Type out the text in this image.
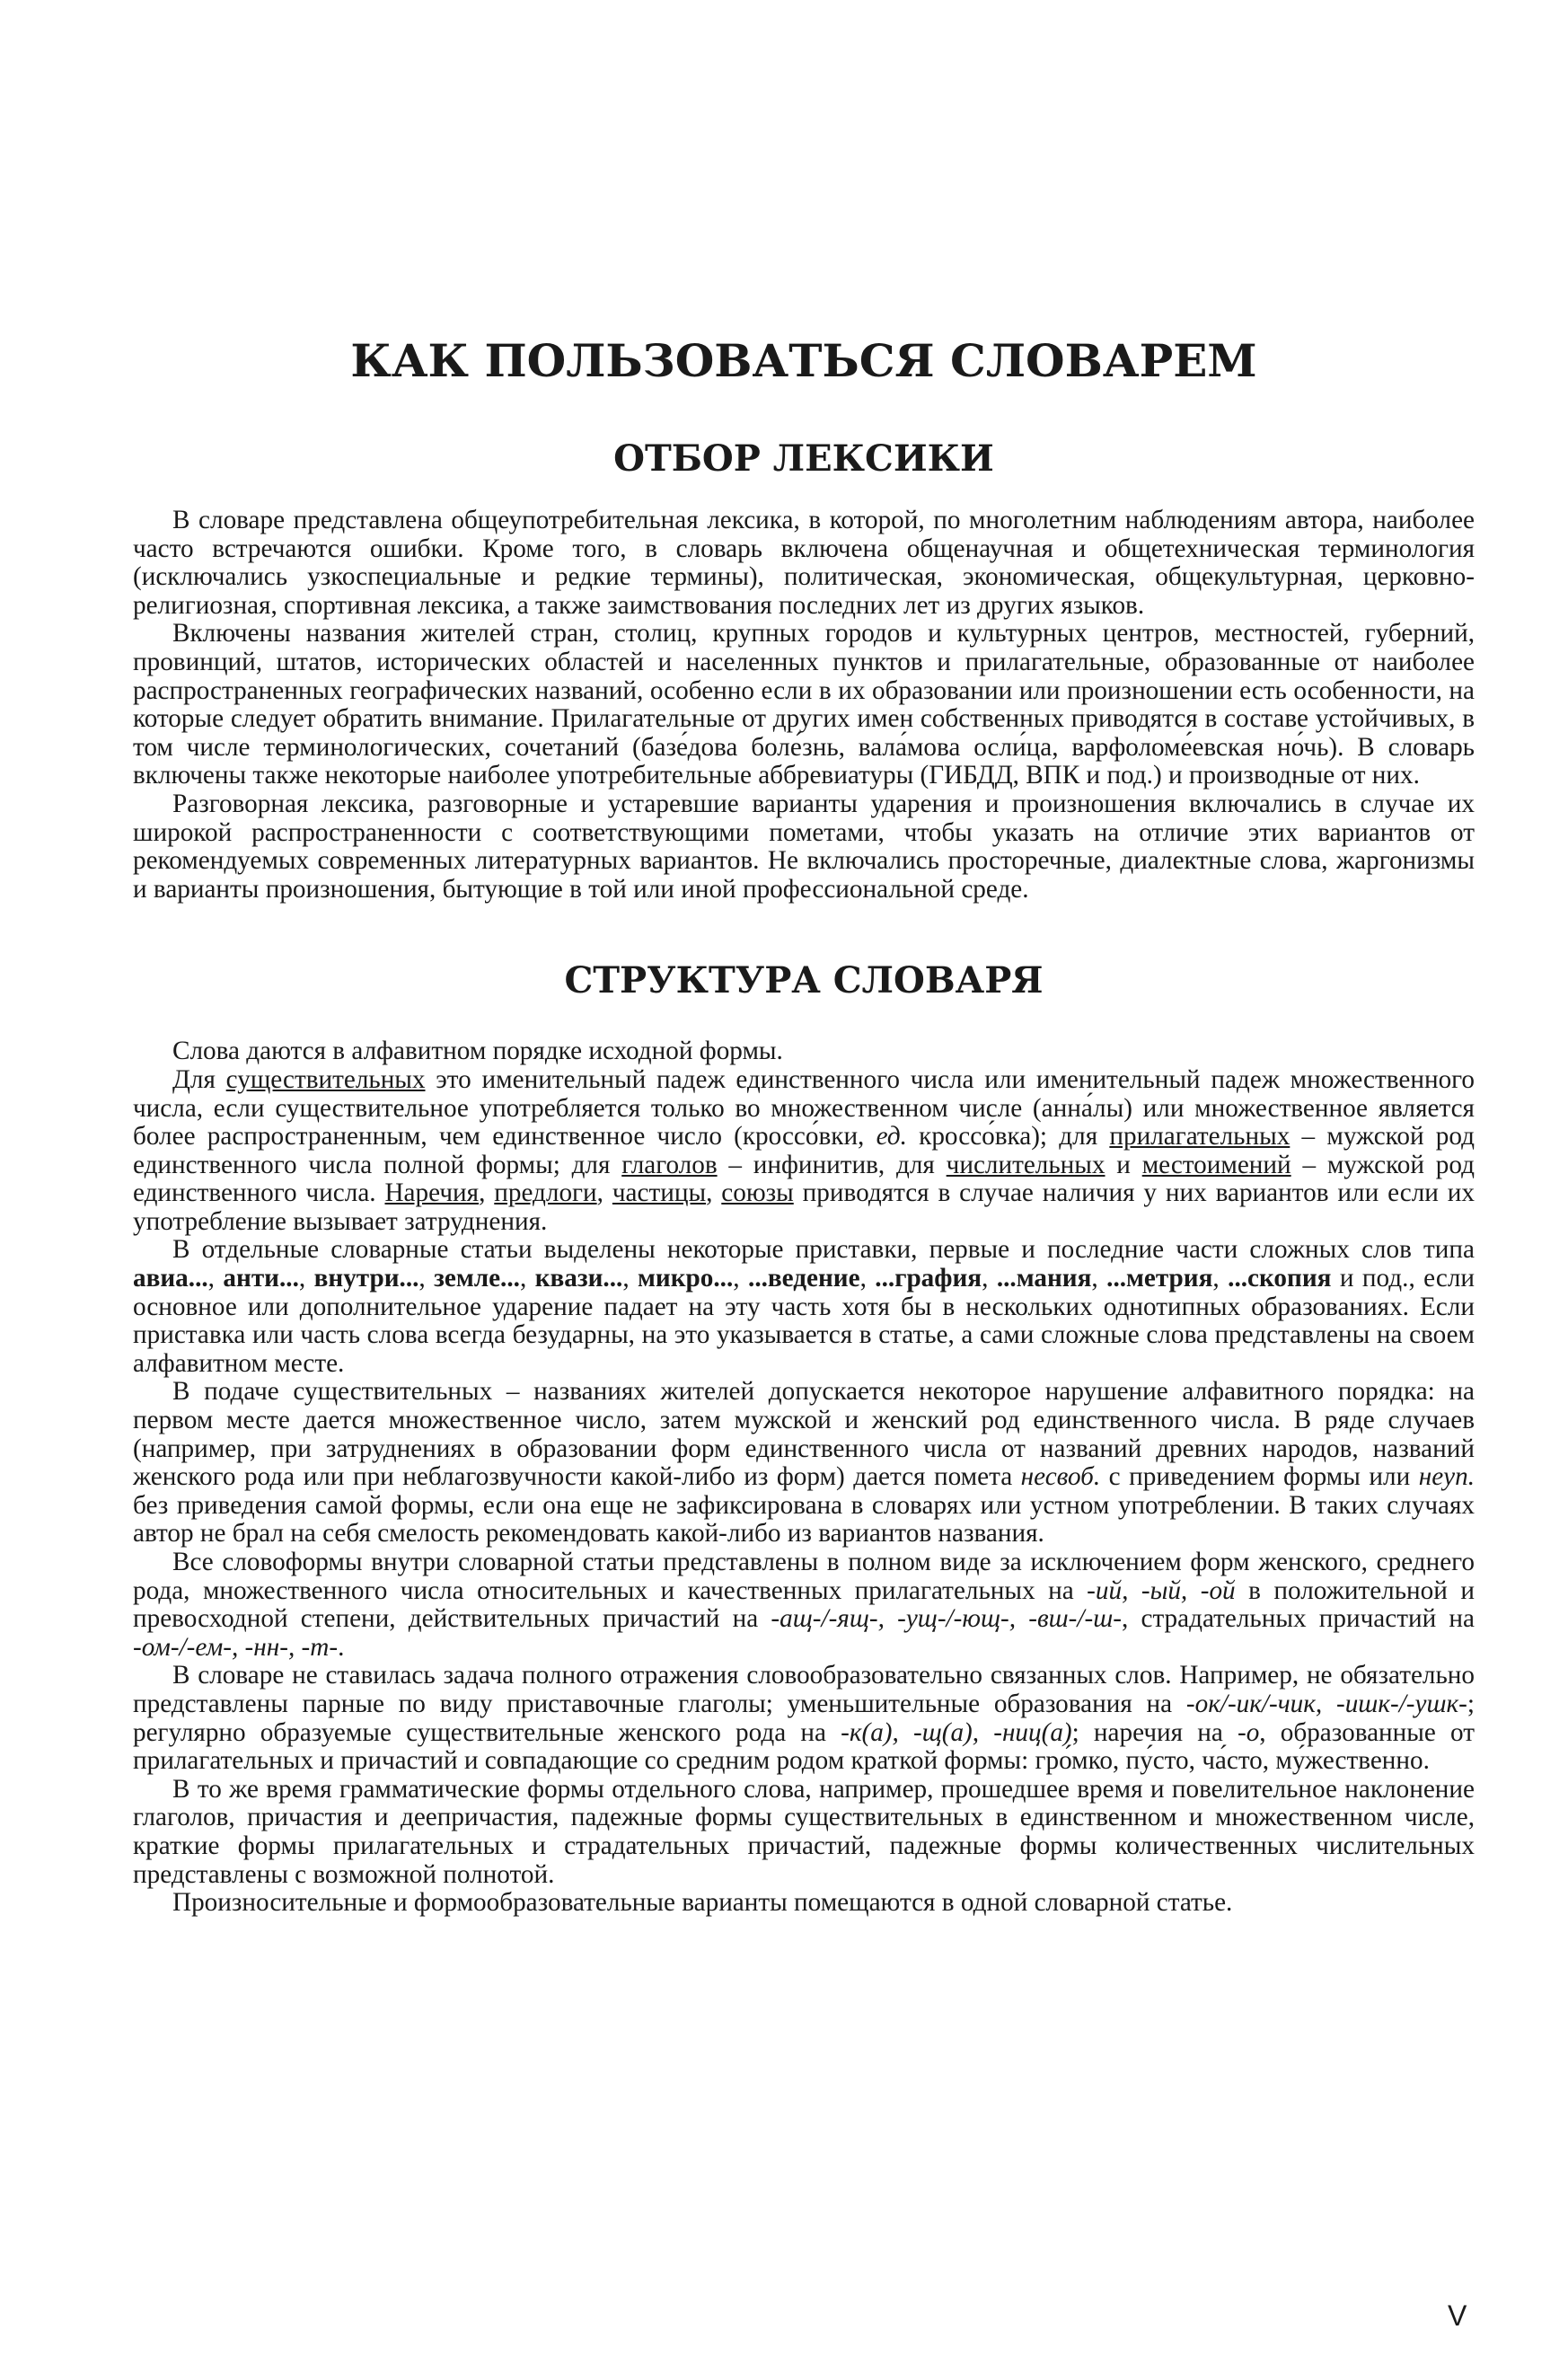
КАК ПОЛЬЗОВАТЬСЯ СЛОВАРЕМ
ОТБОР ЛЕКСИКИ

В словаре представлена общеупотребительная лексика, в которой, по многолетним наблюдениям автора, наиболее часто встречаются ошибки. Кроме того, в словарь включена общенаучная и общетехническая терминология (исключались узкоспециальные и редкие термины), политическая, экономическая, общекультурная, церковно-религиозная, спортивная лексика, а также заимствования последних лет из других языков.

Включены названия жителей стран, столиц, крупных городов и культурных центров, местностей, губерний, провинций, штатов, исторических областей и населенных пунктов и прилагательные, образованные от наиболее распространенных географических названий, особенно если в их образовании или произношении есть особенности, на которые следует обратить внимание. Прилагательные от других имен собственных приводятся в составе устойчивых, в том числе терминологических, сочетаний (базе́дова боле́знь, вала́мова осли́ца, варфоломе́евская но́чь). В словарь включены также некоторые наиболее употребительные аббревиатуры (ГИБДД, ВПК и под.) и производные от них.

Разговорная лексика, разговорные и устаревшие варианты ударения и произношения включались в случае их широкой распространенности с соответствующими пометами, чтобы указать на отличие этих вариантов от рекомендуемых современных литературных вариантов. Не включались просторечные, диалектные слова, жаргонизмы и варианты произношения, бытующие в той или иной профессиональной среде.

СТРУКТУРА СЛОВАРЯ

Слова даются в алфавитном порядке исходной формы.

Для существительных это именительный падеж единственного числа или именительный падеж множественного числа, если существительное употребляется только во множественном числе (анна́лы) или множественное является более распространенным, чем единственное число (кроссо́вки, ед. кроссо́вка); для прилагательных – мужской род единственного числа полной формы; для глаголов – инфинитив, для числительных и местоимений – мужской род единственного числа. Наречия, предлоги, частицы, союзы приводятся в случае наличия у них вариантов или если их употребление вызывает затруднения.

В отдельные словарные статьи выделены некоторые приставки, первые и последние части сложных слов типа авиа..., анти..., внутри..., земле..., квази..., микро..., ...ведение, ...графия, ...мания, ...метрия, ...скопия и под., если основное или дополнительное ударение падает на эту часть хотя бы в нескольких однотипных образованиях. Если приставка или часть слова всегда безударны, на это указывается в статье, а сами сложные слова представлены на своем алфавитном месте.

В подаче существительных – названиях жителей допускается некоторое нарушение алфавитного порядка: на первом месте дается множественное число, затем мужской и женский род единственного числа. В ряде случаев (например, при затруднениях в образовании форм единственного числа от названий древних народов, названий женского рода или при неблагозвучности какой-либо из форм) дается помета несвоб. с приведением формы или неуп. без приведения самой формы, если она еще не зафиксирована в словарях или устном употреблении. В таких случаях автор не брал на себя смелость рекомендовать какой-либо из вариантов названия.

Все словоформы внутри словарной статьи представлены в полном виде за исключением форм женского, среднего рода, множественного числа относительных и качественных прилагательных на -ий, -ый, -ой в положительной и превосходной степени, действительных причастий на -ащ-/-ящ-, -ущ-/-ющ-, -вш-/-ш-, страдательных причастий на -ом-/-ем-, -нн-, -т-.

В словаре не ставилась задача полного отражения словообразовательно связанных слов. Например, не обязательно представлены парные по виду приставочные глаголы; уменьшительные образования на -ок/-ик/-чик, -ишк-/-ушк-; регулярно образуемые существительные женского рода на -к(а), -щ(а), -ниц(а); наречия на -о, образованные от прилагательных и причастий и совпадающие со средним родом краткой формы: гро́мко, пу́сто, ча́сто, му́жественно.

В то же время грамматические формы отдельного слова, например, прошедшее время и повелительное наклонение глаголов, причастия и деепричастия, падежные формы существительных в единственном и множественном числе, краткие формы прилагательных и страдательных причастий, падежные формы количественных числительных представлены с возможной полнотой.

Произносительные и формообразовательные варианты помещаются в одной словарной статье.

V
